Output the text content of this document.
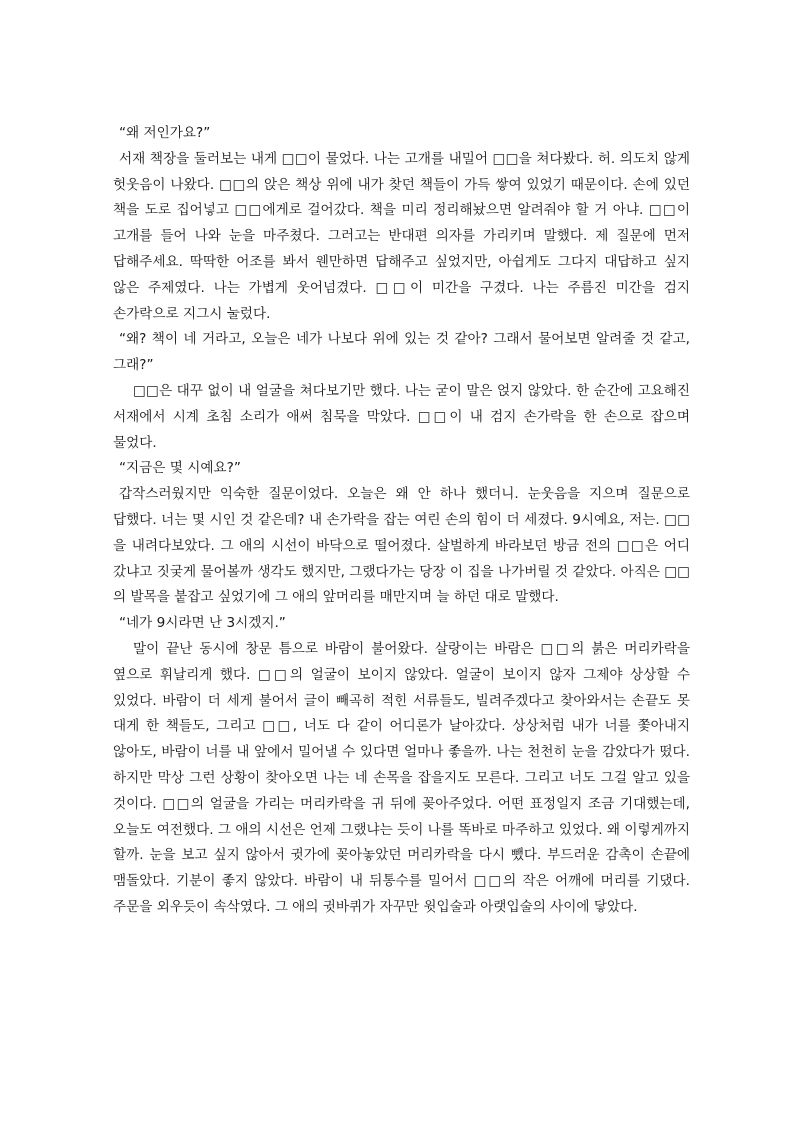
“왜 저인가요?”

서재 책장을 둘러보는 내게 □□이 물었다. 나는 고개를 내밀어 □□을 쳐다봤다. 허. 의도치 않게 헛웃음이 나왔다. □□의 앉은 책상 위에 내가 찾던 책들이 가득 쌓여 있었기 때문이다. 손에 있던 책을 도로 집어넣고 □□에게로 걸어갔다. 책을 미리 정리해놨으면 알려줘야 할 거 아냐. □□이 고개를 들어 나와 눈을 마주쳤다. 그러고는 반대편 의자를 가리키며 말했다. 제 질문에 먼저 답해주세요. 딱딱한 어조를 봐서 웬만하면 답해주고 싶었지만, 아쉽게도 그다지 대답하고 싶지 않은 주제였다. 나는 가볍게 웃어넘겼다. □□이 미간을 구겼다. 나는 주름진 미간을 검지 손가락으로 지그시 눌렀다.

“왜? 책이 네 거라고, 오늘은 네가 나보다 위에 있는 것 같아? 그래서 물어보면 알려줄 것 같고, 그래?”

□□은 대꾸 없이 내 얼굴을 쳐다보기만 했다. 나는 굳이 말은 얹지 않았다. 한 순간에 고요해진 서재에서 시계 초침 소리가 애써 침묵을 막았다. □□이 내 검지 손가락을 한 손으로 잡으며 물었다.

“지금은 몇 시예요?”

갑작스러웠지만 익숙한 질문이었다. 오늘은 왜 안 하나 했더니. 눈웃음을 지으며 질문으로 답했다. 너는 몇 시인 것 같은데? 내 손가락을 잡는 여린 손의 힘이 더 세졌다. 9시예요, 저는. □□을 내려다보았다. 그 애의 시선이 바닥으로 떨어졌다. 살벌하게 바라보던 방금 전의 □□은 어디 갔냐고 짓궂게 물어볼까 생각도 했지만, 그랬다가는 당장 이 집을 나가버릴 것 같았다. 아직은 □□의 발목을 붙잡고 싶었기에 그 애의 앞머리를 매만지며 늘 하던 대로 말했다.

“네가 9시라면 난 3시겠지.”

말이 끝난 동시에 창문 틈으로 바람이 불어왔다. 살랑이는 바람은 □□의 붉은 머리카락을 옆으로 휘날리게 했다. □□의 얼굴이 보이지 않았다. 얼굴이 보이지 않자 그제야 상상할 수 있었다. 바람이 더 세게 불어서 글이 빼곡히 적힌 서류들도, 빌려주겠다고 찾아와서는 손끝도 못 대게 한 책들도, 그리고 □□, 너도 다 같이 어디론가 날아갔다. 상상처럼 내가 너를 쫓아내지 않아도, 바람이 너를 내 앞에서 밀어낼 수 있다면 얼마나 좋을까. 나는 천천히 눈을 감았다가 떴다. 하지만 막상 그런 상황이 찾아오면 나는 네 손목을 잡을지도 모른다. 그리고 너도 그걸 알고 있을 것이다. □□의 얼굴을 가리는 머리카락을 귀 뒤에 꽂아주었다. 어떤 표정일지 조금 기대했는데, 오늘도 여전했다. 그 애의 시선은 언제 그랬냐는 듯이 나를 똑바로 마주하고 있었다. 왜 이렇게까지 할까. 눈을 보고 싶지 않아서 귓가에 꽂아놓았던 머리카락을 다시 뺐다. 부드러운 감촉이 손끝에 맴돌았다. 기분이 좋지 않았다. 바람이 내 뒤통수를 밀어서 □□의 작은 어깨에 머리를 기댔다. 주문을 외우듯이 속삭였다. 그 애의 귓바퀴가 자꾸만 윗입술과 아랫입술의 사이에 닿았다.
